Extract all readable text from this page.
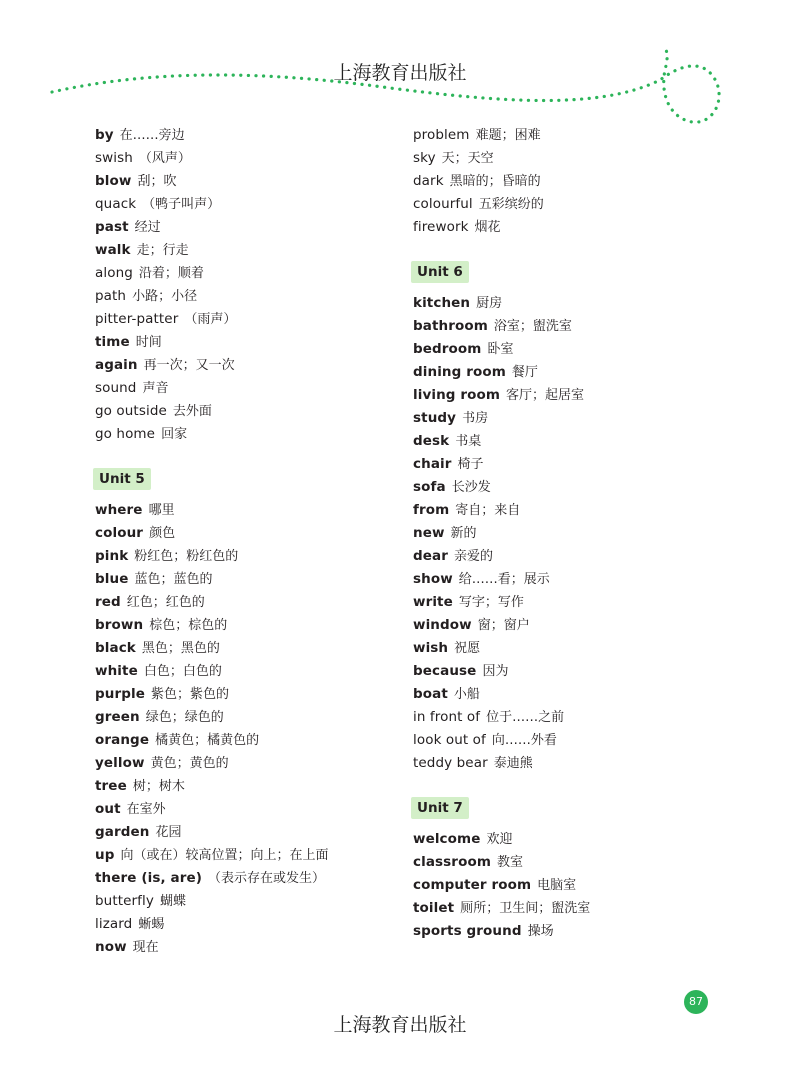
上海教育出版社
by 在……旁边
swish （风声）
blow 刮；吹
quack （鸭子叫声）
past 经过
walk 走；行走
along 沿着；顺着
path 小路；小径
pitter-patter （雨声）
time 时间
again 再一次；又一次
sound 声音
go outside 去外面
go home 回家
Unit 5

where 哪里
colour 颜色
pink 粉红色；粉红色的
blue 蓝色；蓝色的
red 红色；红色的
brown 棕色；棕色的
black 黑色；黑色的
white 白色；白色的
purple 紫色；紫色的
green 绿色；绿色的
orange 橘黄色；橘黄色的
yellow 黄色；黄色的
tree 树；树木
out 在室外
garden 花园
up 向（或在）较高位置；向上；在上面
there (is, are) （表示存在或发生）
butterfly 蝴蝶
lizard 蜥蜴
now 现在
problem 难题；困难
sky 天；天空
dark 黑暗的；昏暗的
colourful 五彩缤纷的
firework 烟花
Unit 6

kitchen 厨房
bathroom 浴室；盥洗室
bedroom 卧室
dining room 餐厅
living room 客厅；起居室
study 书房
desk 书桌
chair 椅子
sofa 长沙发
from 寄自；来自
new 新的
dear 亲爱的
show 给……看；展示
write 写字；写作
window 窗；窗户
wish 祝愿
because 因为
boat 小船
in front of 位于……之前
look out of 向……外看
teddy bear 泰迪熊
Unit 7

welcome 欢迎
classroom 教室
computer room 电脑室
toilet 厕所；卫生间；盥洗室
sports ground 操场
87
上海教育出版社
